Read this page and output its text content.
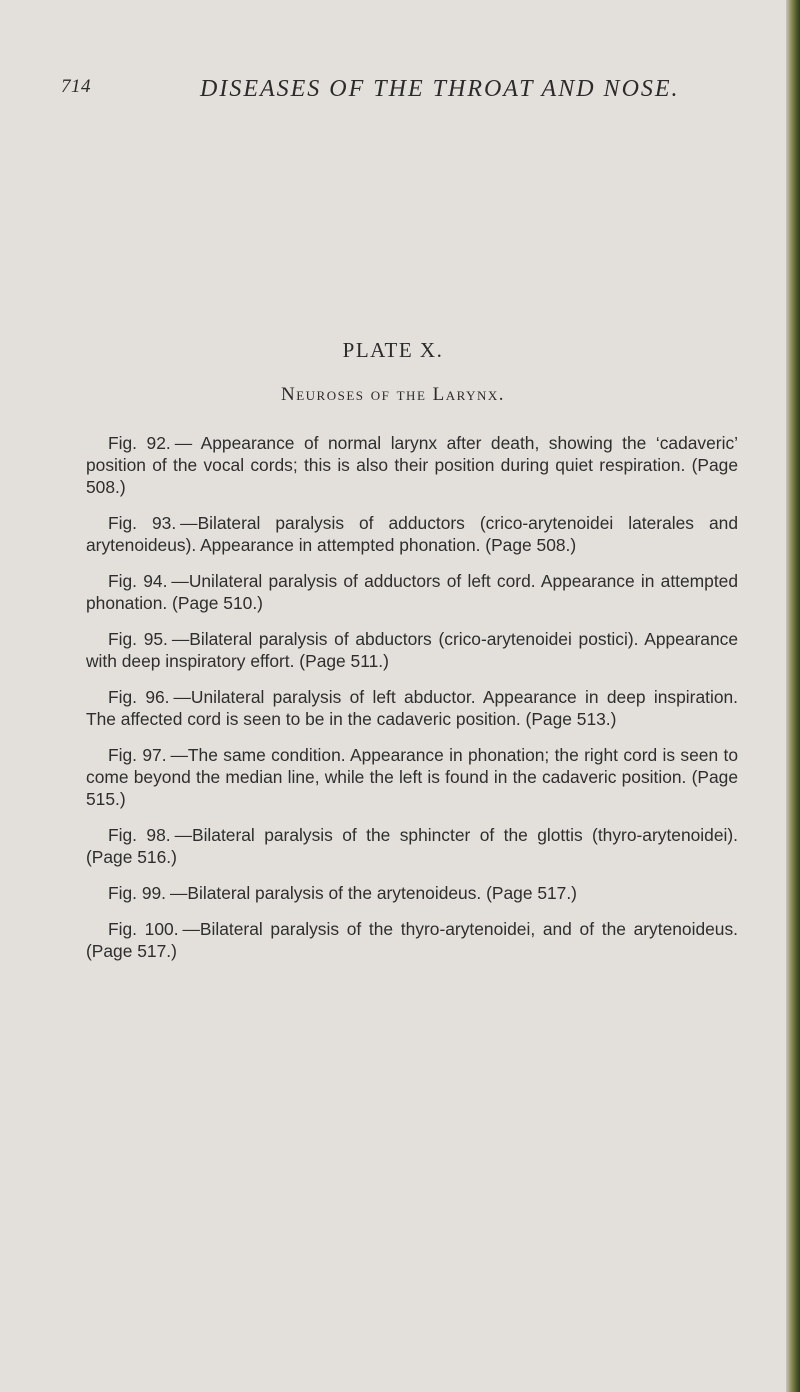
714	DISEASES OF THE THROAT AND NOSE.
PLATE X.
Neuroses of the Larynx.

Fig. 92. — Appearance of normal larynx after death, showing the ‘cadaveric’ position of the vocal cords; this is also their position during quiet respiration. (Page 508.)

Fig. 93. —Bilateral paralysis of adductors (crico-arytenoidei laterales and arytenoideus). Appearance in attempted phonation. (Page 508.)

Fig. 94. —Unilateral paralysis of adductors of left cord. Appearance in attempted phonation. (Page 510.)

Fig. 95. —Bilateral paralysis of abductors (crico-arytenoidei postici). Appearance with deep inspiratory effort. (Page 511.)

Fig. 96. —Unilateral paralysis of left abductor. Appearance in deep inspiration. The affected cord is seen to be in the cadaveric position. (Page 513.)

Fig. 97. —The same condition. Appearance in phonation; the right cord is seen to come beyond the median line, while the left is found in the cadaveric position. (Page 515.)

Fig. 98. —Bilateral paralysis of the sphincter of the glottis (thyro-arytenoidei). (Page 516.)

Fig. 99. —Bilateral paralysis of the arytenoideus. (Page 517.)

Fig. 100. —Bilateral paralysis of the thyro-arytenoidei, and of the arytenoideus. (Page 517.)
